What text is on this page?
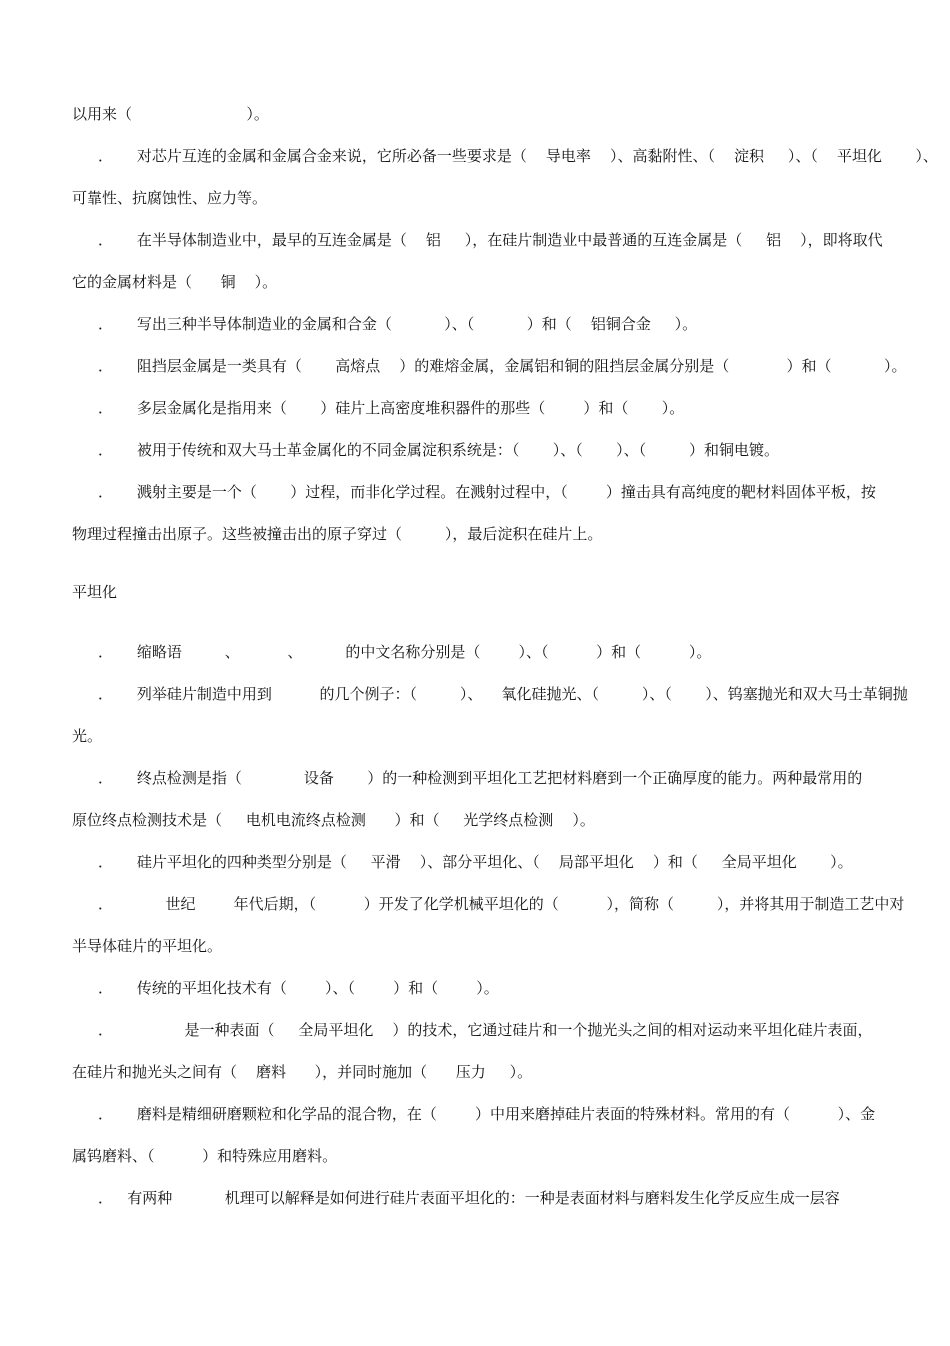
以用来（                        ）。
．     对芯片互连的金属和金属合金来说，它所必备一些要求是（    导电率    ）、高黏附性、（    淀积     ）、（    平坦化       ）、
可靠性、抗腐蚀性、应力等。
．     在半导体制造业中，最早的互连金属是（    铝     ），在硅片制造业中最普通的互连金属是（     铝    ），即将取代
它的金属材料是（      铜    ）。
．     写出三种半导体制造业的金属和合金（           ）、（           ）和（    铝铜合金     ）。
．     阻挡层金属是一类具有（       高熔点    ）的难熔金属，金属铝和铜的阻挡层金属分别是（            ）和（           ）。
．     多层金属化是指用来（       ）硅片上高密度堆积器件的那些（        ）和（       ）。
．     被用于传统和双大马士革金属化的不同金属淀积系统是：（       ）、（       ）、（         ）和铜电镀。
．     溅射主要是一个（       ）过程，而非化学过程。在溅射过程中，（        ）撞击具有高纯度的靶材料固体平板，按
物理过程撞击出原子。这些被撞击出的原子穿过（         ），最后淀积在硅片上。
平坦化
．     缩略语         、          、         的中文名称分别是（        ）、（          ）和（          ）。
．     列举硅片制造中用到          的几个例子：（         ）、    氧化硅抛光、（         ）、（       ）、钨塞抛光和双大马士革铜抛
光。
．     终点检测是指（             设备       ）的一种检测到平坦化工艺把材料磨到一个正确厚度的能力。两种最常用的
原位终点检测技术是（     电机电流终点检测      ）和（     光学终点检测    ）。
．     硅片平坦化的四种类型分别是（     平滑    ）、部分平坦化、（    局部平坦化    ）和（     全局平坦化       ）。
．           世纪        年代后期，（          ）开发了化学机械平坦化的（          ），简称（         ），并将其用于制造工艺中对
半导体硅片的平坦化。
．     传统的平坦化技术有（        ）、（        ）和（        ）。
．               是一种表面（     全局平坦化    ）的技术，它通过硅片和一个抛光头之间的相对运动来平坦化硅片表面，
在硅片和抛光头之间有（    磨料      ），并同时施加（      压力     ）。
．     磨料是精细研磨颗粒和化学品的混合物，在（        ）中用来磨掉硅片表面的特殊材料。常用的有（          ）、金
属钨磨料、（          ）和特殊应用磨料。
．   有两种           机理可以解释是如何进行硅片表面平坦化的：一种是表面材料与磨料发生化学反应生成一层容
